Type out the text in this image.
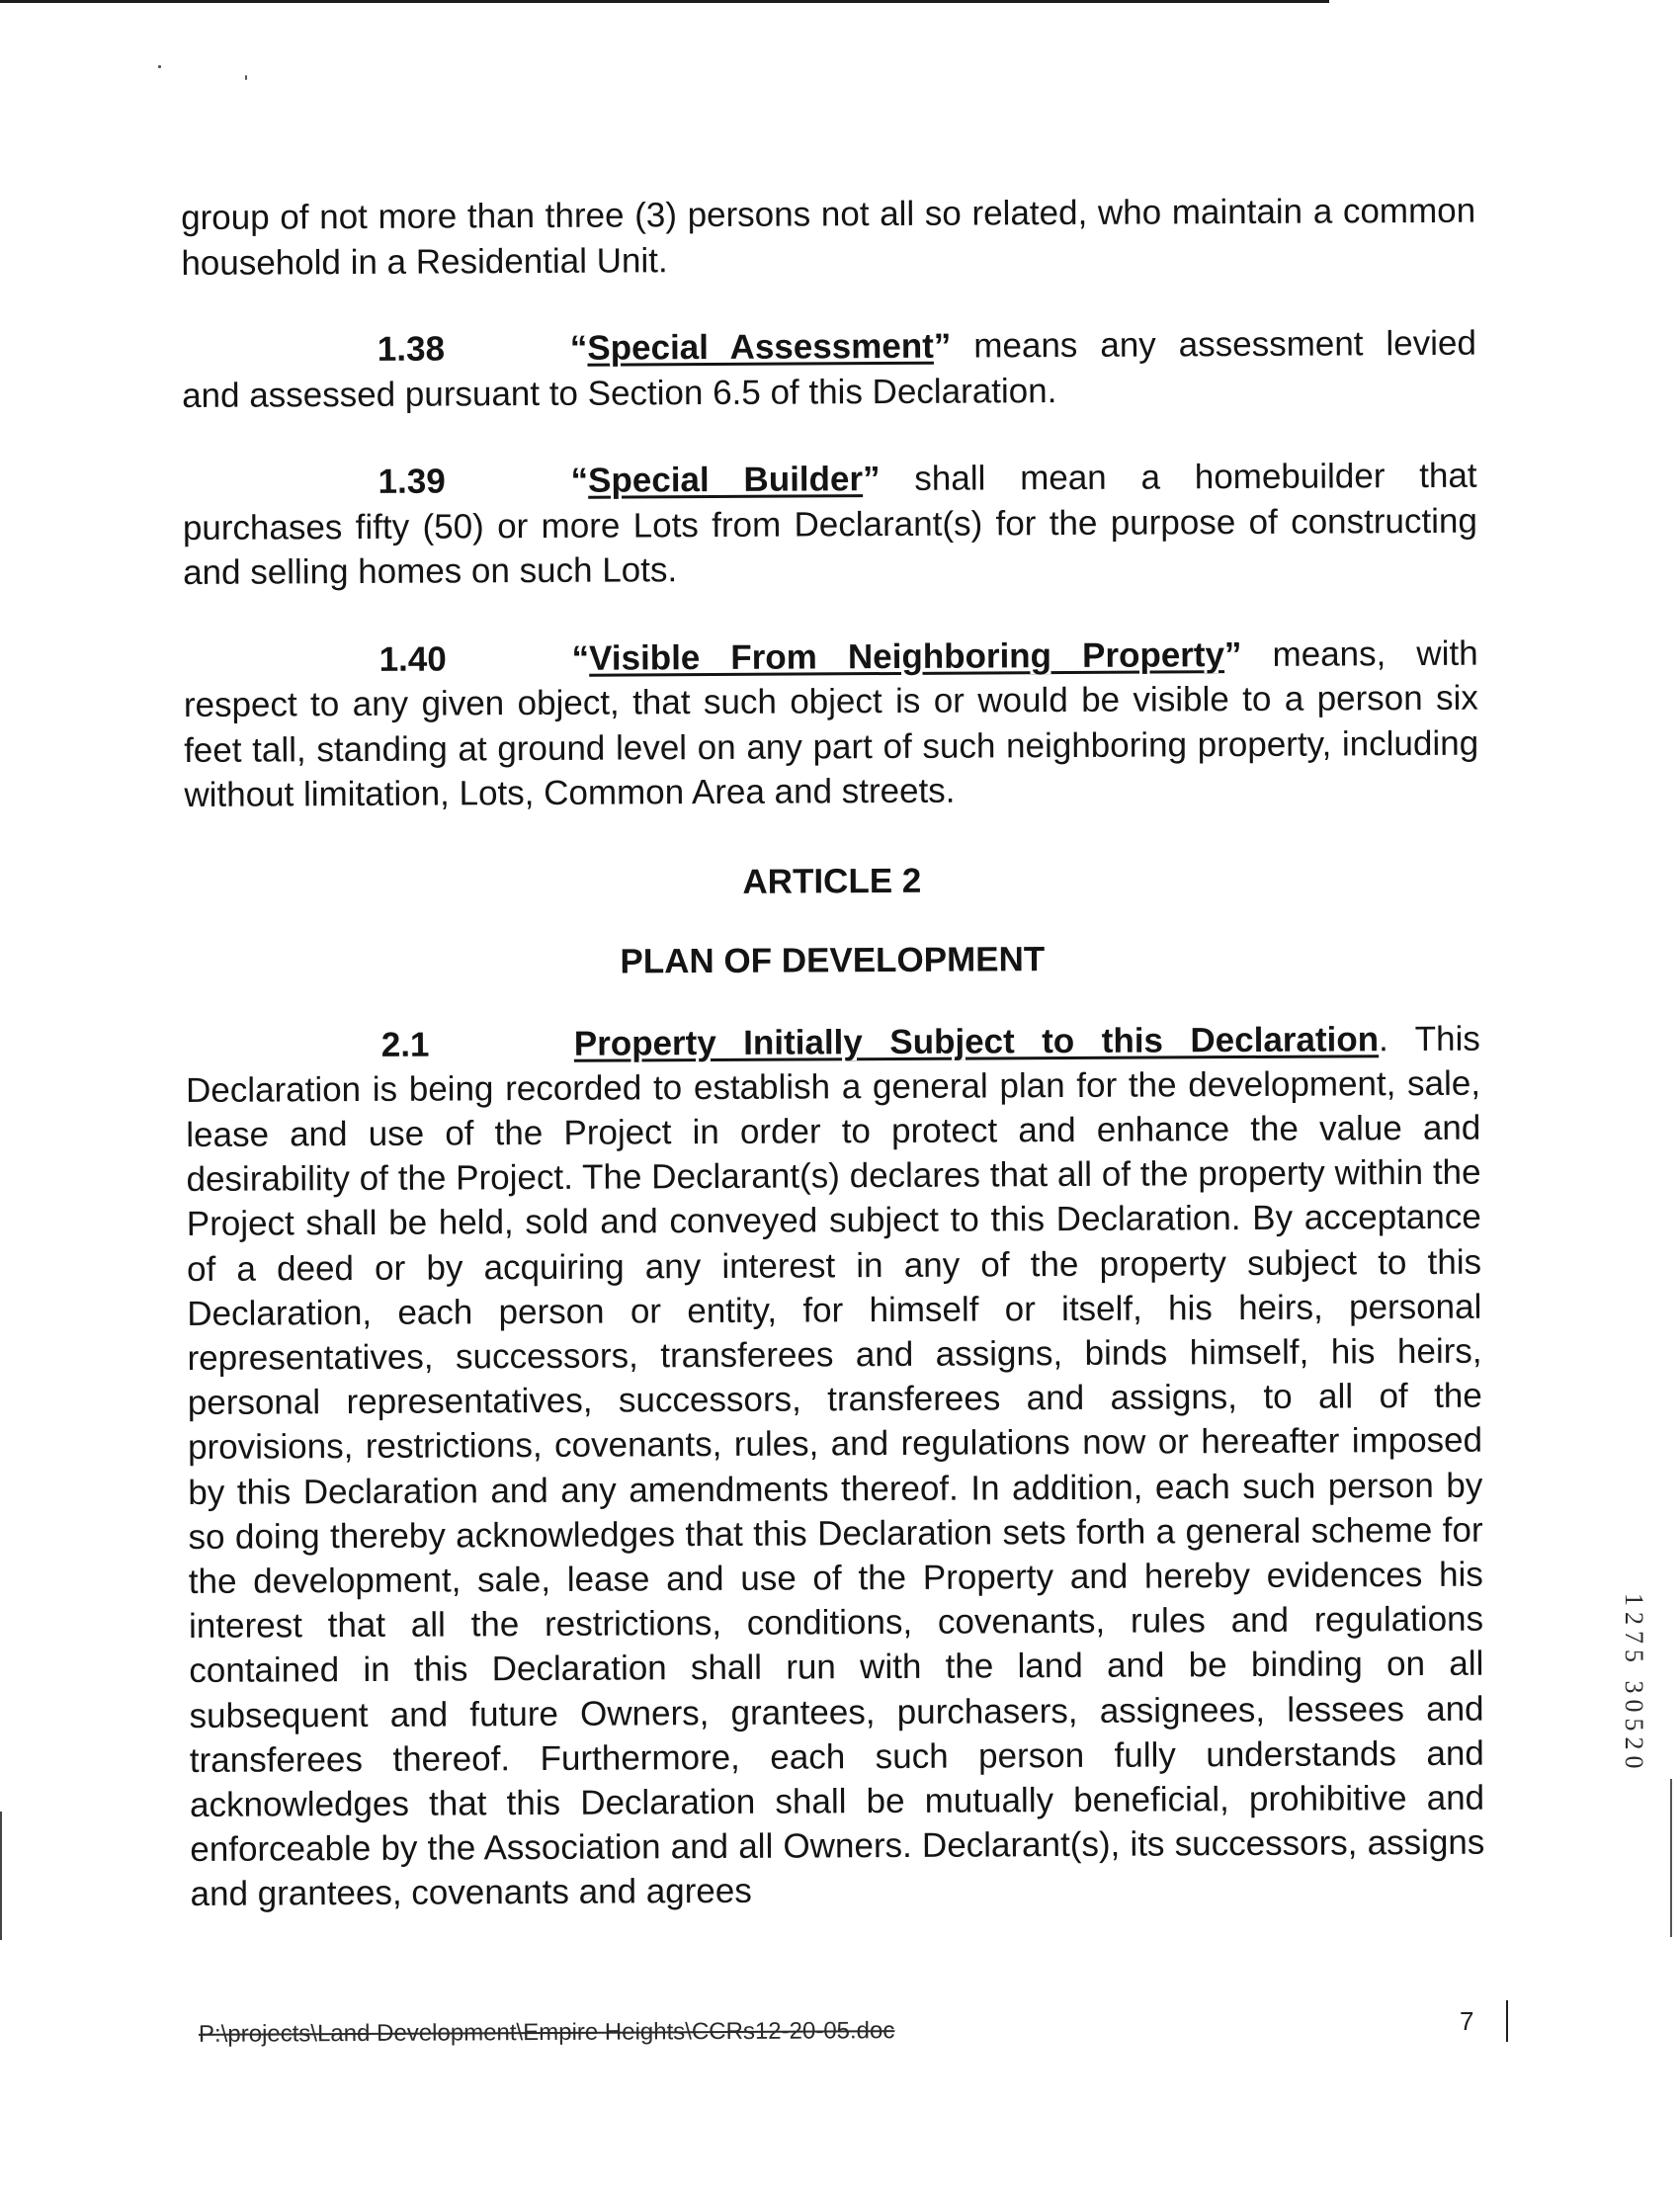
group of not more than three (3) persons not all so related, who maintain a common household in a Residential Unit.

1.38	“Special Assessment” means any assessment levied and assessed pursuant to Section 6.5 of this Declaration.

1.39	“Special Builder” shall mean a homebuilder that purchases fifty (50) or more Lots from Declarant(s) for the purpose of constructing and selling homes on such Lots.

1.40	“Visible From Neighboring Property” means, with respect to any given object, that such object is or would be visible to a person six feet tall, standing at ground level on any part of such neighboring property, including without limitation, Lots, Common Area and streets.

ARTICLE 2

PLAN OF DEVELOPMENT

2.1	Property Initially Subject to this Declaration. This Declaration is being recorded to establish a general plan for the development, sale, lease and use of the Project in order to protect and enhance the value and desirability of the Project. The Declarant(s) declares that all of the property within the Project shall be held, sold and conveyed subject to this Declaration. By acceptance of a deed or by acquiring any interest in any of the property subject to this Declaration, each person or entity, for himself or itself, his heirs, personal representatives, successors, transferees and assigns, binds himself, his heirs, personal representatives, successors, transferees and assigns, to all of the provisions, restrictions, covenants, rules, and regulations now or hereafter imposed by this Declaration and any amendments thereof. In addition, each such person by so doing thereby acknowledges that this Declaration sets forth a general scheme for the development, sale, lease and use of the Property and hereby evidences his interest that all the restrictions, conditions, covenants, rules and regulations contained in this Declaration shall run with the land and be binding on all subsequent and future Owners, grantees, purchasers, assignees, lessees and transferees thereof. Furthermore, each such person fully understands and acknowledges that this Declaration shall be mutually beneficial, prohibitive and enforceable by the Association and all Owners. Declarant(s), its successors, assigns and grantees, covenants and agrees

1275 30520
P:\projects\Land Development\Empire Heights\CCRs12-20-05.doc	7
